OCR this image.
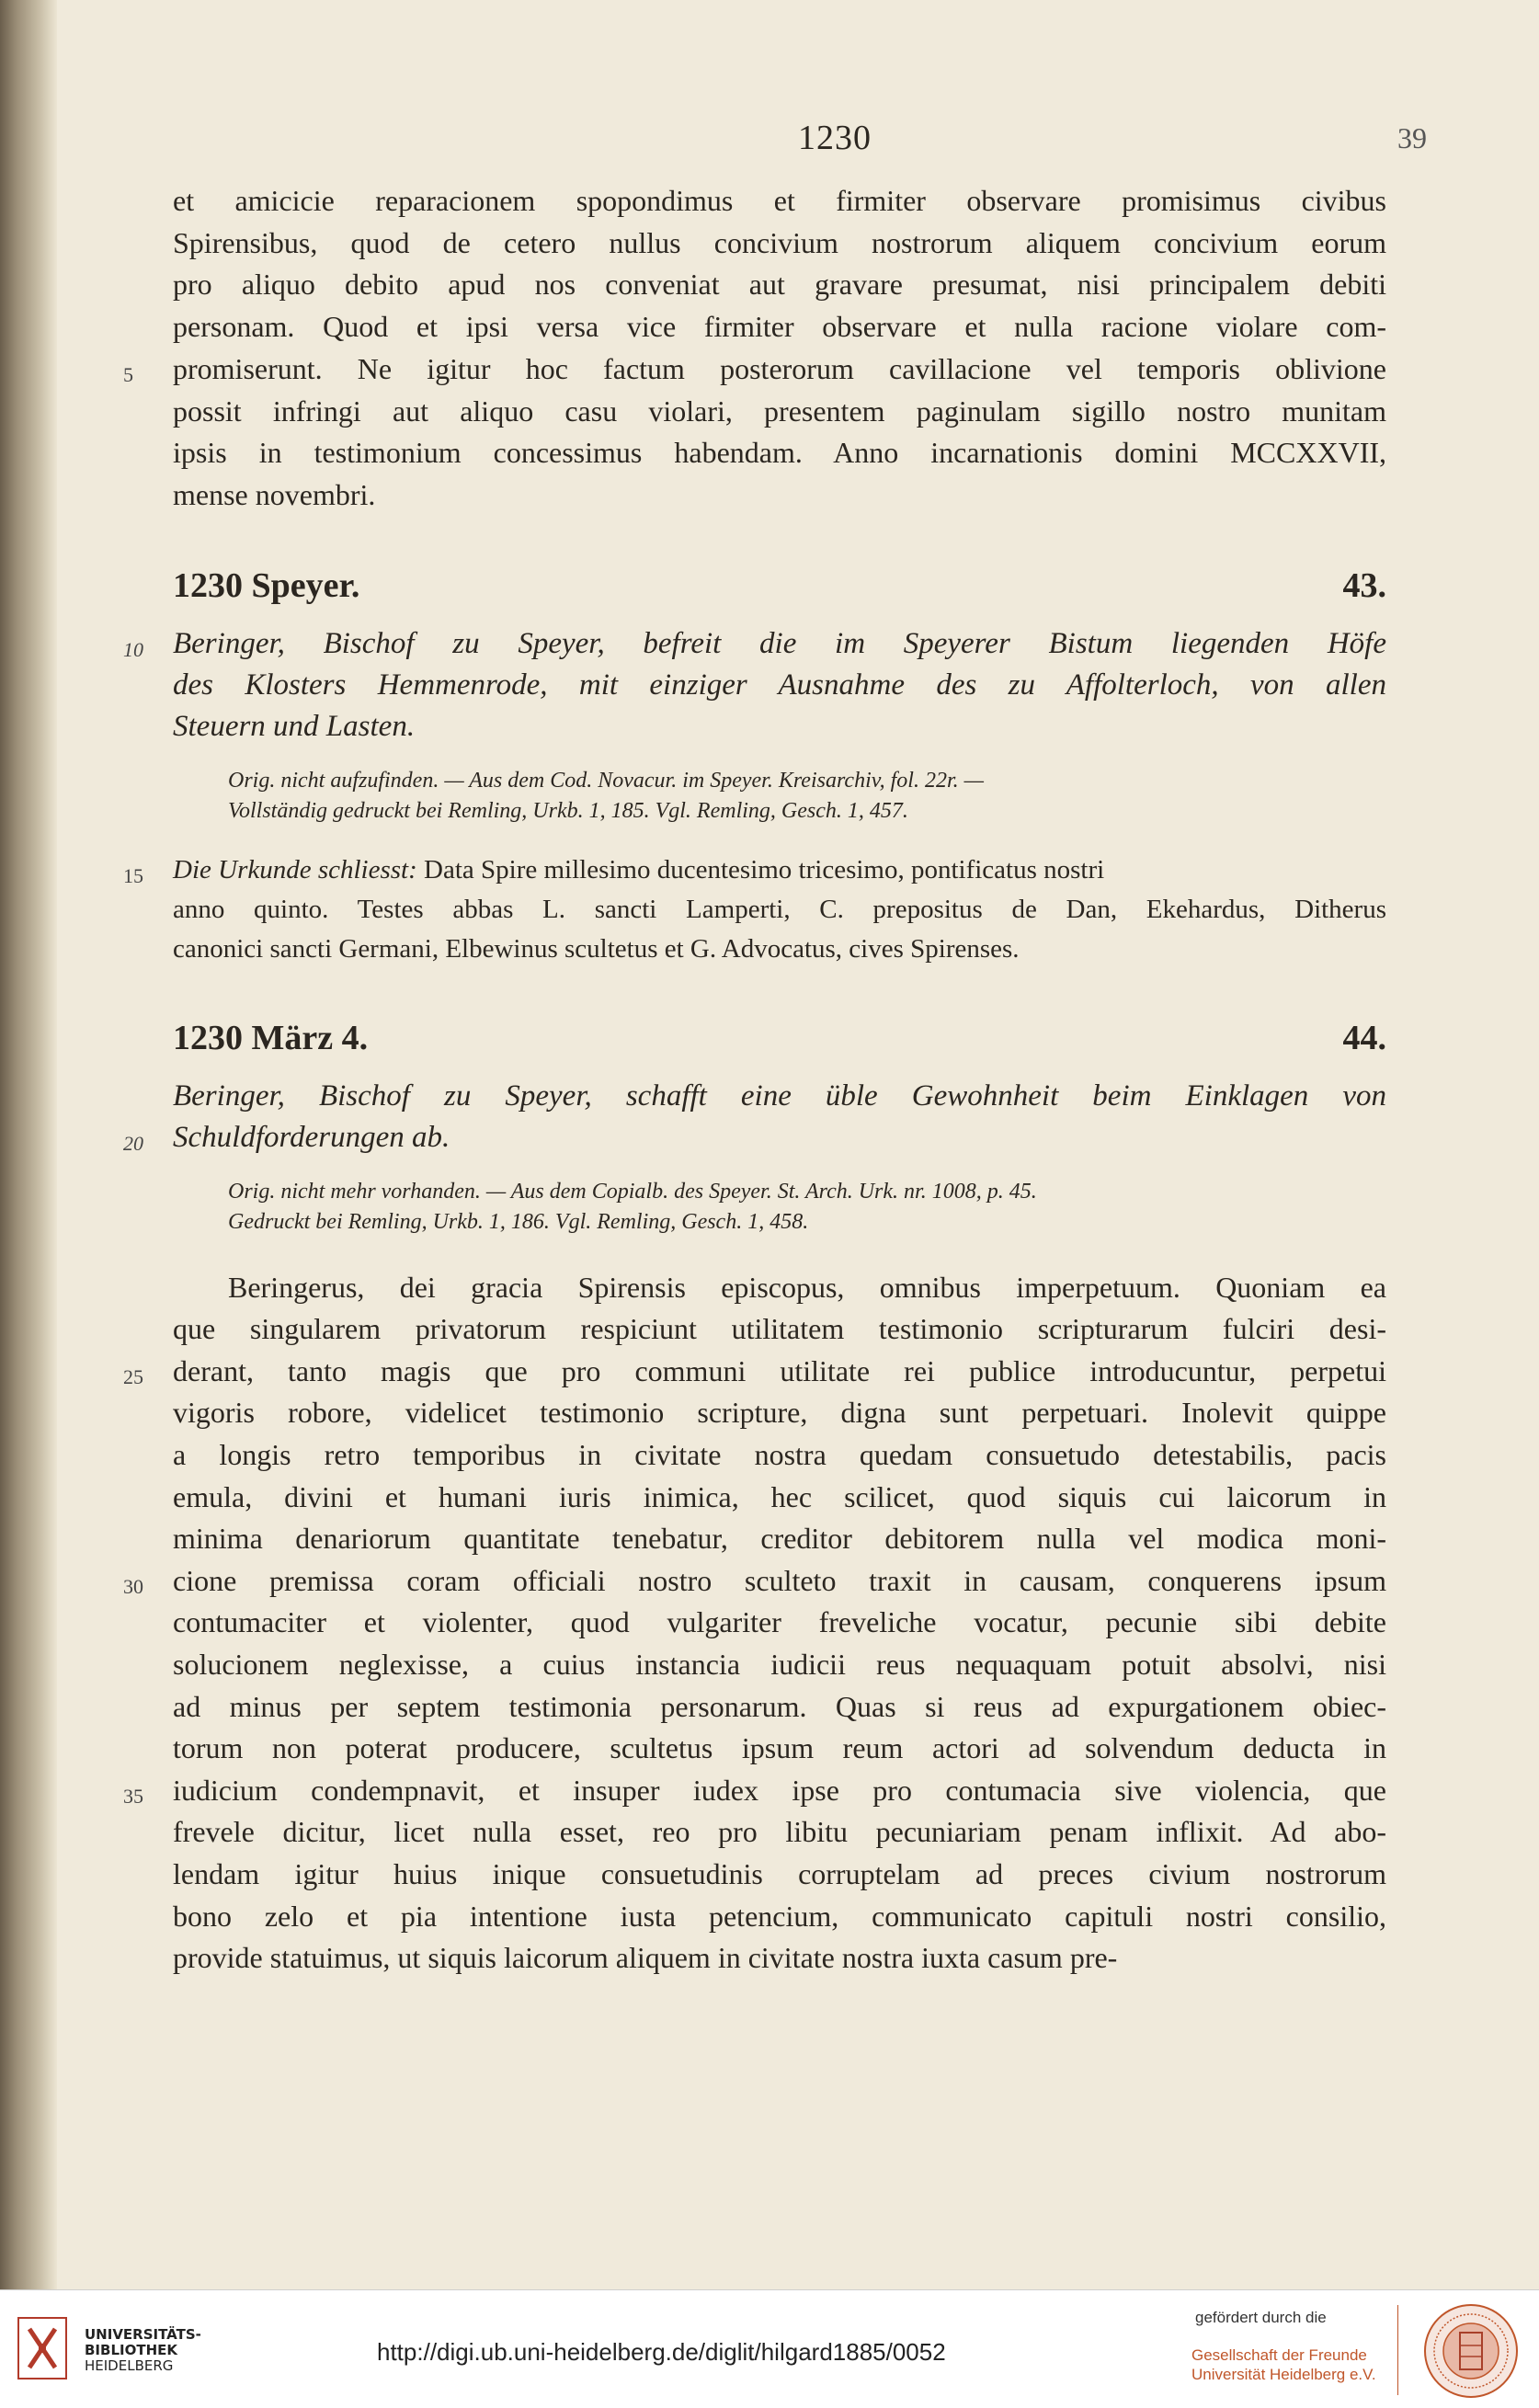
1230	39
et amicicie reparacionem spopondimus et firmiter observare promisimus civibus
Spirensibus, quod de cetero nullus concivium nostrorum aliquem concivium eorum
pro aliquo debito apud nos conveniat aut gravare presumat, nisi principalem debiti
personam. Quod et ipsi versa vice firmiter observare et nulla racione violare com-
5	promiserunt. Ne igitur hoc factum posterorum cavillacione vel temporis oblivione
possit infringi aut aliquo casu violari, presentem paginulam sigillo nostro munitam
ipsis in testimonium concessimus habendam. Anno incarnationis domini MCCXXVII,
mense novembri.
1230 Speyer.	43.
10 Beringer, Bischof zu Speyer, befreit die im Speyerer Bistum liegenden Höfe
des Klosters Hemmenrode, mit einziger Ausnahme des zu Affolterloch, von allen
Steuern und Lasten.
Orig. nicht aufzufinden. — Aus dem Cod. Novacur. im Speyer. Kreisarchiv, fol. 22r. —
Vollständig gedruckt bei Remling, Urkb. 1, 185. Vgl. Remling, Gesch. 1, 457.
15	Die Urkunde schliesst: Data Spire millesimo ducentesimo tricesimo, pontificatus nostri
anno quinto. Testes abbas L. sancti Lamperti, C. prepositus de Dan, Ekehardus, Ditherus
canonici sancti Germani, Elbewinus scultetus et G. Advocatus, cives Spirenses.
1230 März 4.	44.
Beringer, Bischof zu Speyer, schafft eine üble Gewohnheit beim Einklagen von
20 Schuldforderungen ab.
Orig. nicht mehr vorhanden. — Aus dem Copialb. des Speyer. St. Arch. Urk. nr. 1008, p. 45.
Gedruckt bei Remling, Urkb. 1, 186. Vgl. Remling, Gesch. 1, 458.
Beringerus, dei gracia Spirensis episcopus, omnibus imperpetuum. Quoniam ea
que singularem privatorum respiciunt utilitatem testimonio scripturarum fulciri desi-
25	derant, tanto magis que pro communi utilitate rei publice introducuntur, perpetui
vigoris robore, videlicet testimonio scripture, digna sunt perpetuari. Inolevit quippe
a longis retro temporibus in civitate nostra quedam consuetudo detestabilis, pacis
emula, divini et humani iuris inimica, hec scilicet, quod siquis cui laicorum in
minima denariorum quantitate tenebatur, creditor debitorem nulla vel modica moni-
30	cione premissa coram officiali nostro sculteto traxit in causam, conquerens ipsum
contumaciter et violenter, quod vulgariter freveliche vocatur, pecunie sibi debite
solucionem neglexisse, a cuius instancia iudicii reus nequaquam potuit absolvi, nisi
ad minus per septem testimonia personarum. Quas si reus ad expurgationem obiec-
torum non poterat producere, scultetus ipsum reum actori ad solvendum deducta in
35	iudicium condempnavit, et insuper iudex ipse pro contumacia sive violencia, que
frevele dicitur, licet nulla esset, reo pro libitu pecuniariam penam inflixit. Ad abo-
lendam igitur huius inique consuetudinis corruptelam ad preces civium nostrorum
bono zelo et pia intentione iusta petencium, communicato capituli nostri consilio,
provide statuimus, ut siquis laicorum aliquem in civitate nostra iuxta casum pre-
UNIVERSITÄTS-
BIBLIOTHEK
HEIDELBERG	http://digi.ub.uni-heidelberg.de/diglit/hilgard1885/0052
gefördert durch die
Gesellschaft der Freunde
Universität Heidelberg e.V.
